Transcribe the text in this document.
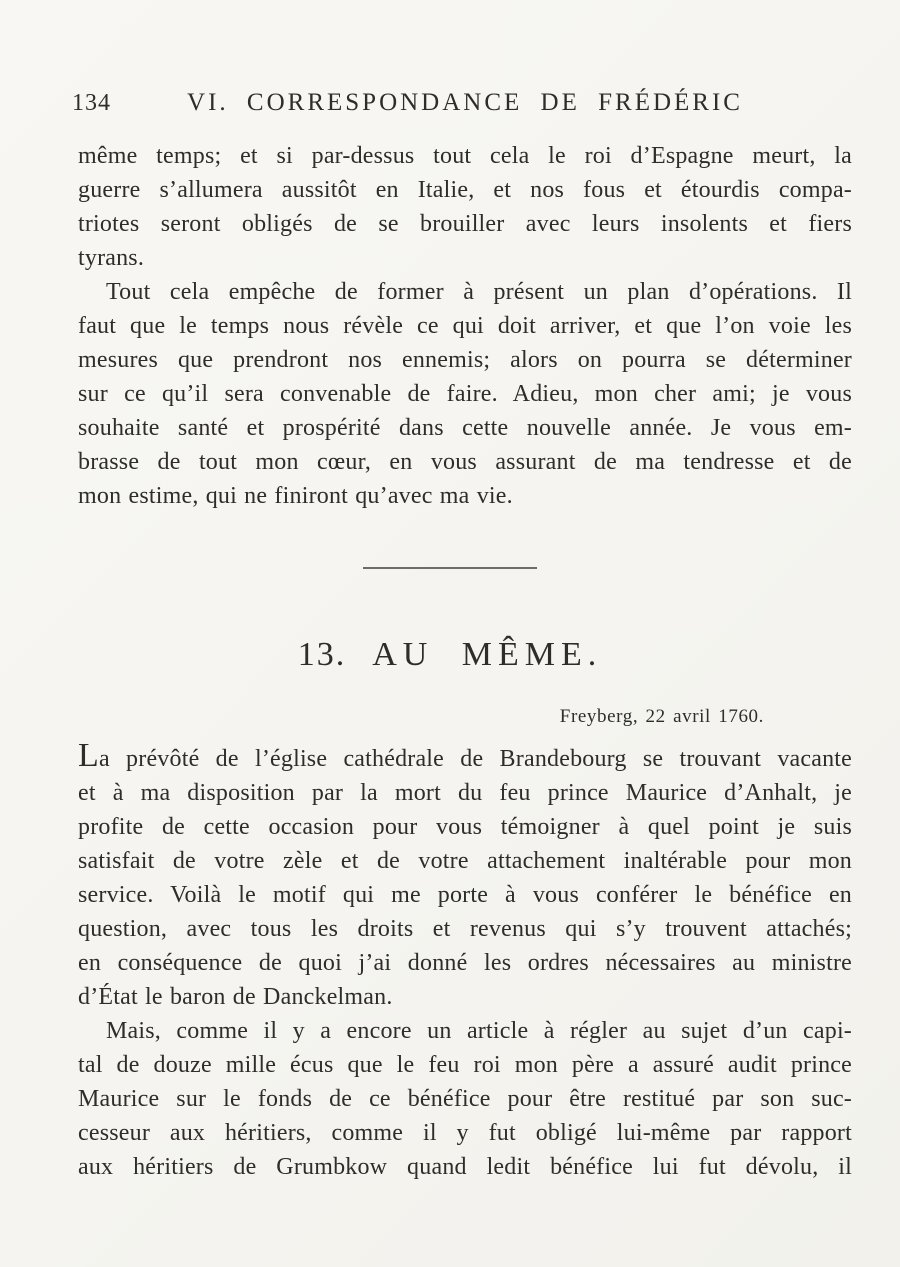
134	VI. CORRESPONDANCE DE FRÉDÉRIC
même temps; et si par-dessus tout cela le roi d’Espagne meurt, la
guerre s’allumera aussitôt en Italie, et nos fous et étourdis compa-
triotes seront obligés de se brouiller avec leurs insolents et fiers
tyrans.
Tout cela empêche de former à présent un plan d’opérations. Il
faut que le temps nous révèle ce qui doit arriver, et que l’on voie les
mesures que prendront nos ennemis; alors on pourra se déterminer
sur ce qu’il sera convenable de faire. Adieu, mon cher ami; je vous
souhaite santé et prospérité dans cette nouvelle année. Je vous em-
brasse de tout mon cœur, en vous assurant de ma tendresse et de
mon estime, qui ne finiront qu’avec ma vie.
13. AU MÊME.
Freyberg, 22 avril 1760.
La prévôté de l’église cathédrale de Brandebourg se trouvant vacante
et à ma disposition par la mort du feu prince Maurice d’Anhalt, je
profite de cette occasion pour vous témoigner à quel point je suis
satisfait de votre zèle et de votre attachement inaltérable pour mon
service. Voilà le motif qui me porte à vous conférer le bénéfice en
question, avec tous les droits et revenus qui s’y trouvent attachés;
en conséquence de quoi j’ai donné les ordres nécessaires au ministre
d’État le baron de Danckelman.
Mais, comme il y a encore un article à régler au sujet d’un capi-
tal de douze mille écus que le feu roi mon père a assuré audit prince
Maurice sur le fonds de ce bénéfice pour être restitué par son suc-
cesseur aux héritiers, comme il y fut obligé lui-même par rapport
aux héritiers de Grumbkow quand ledit bénéfice lui fut dévolu, il
